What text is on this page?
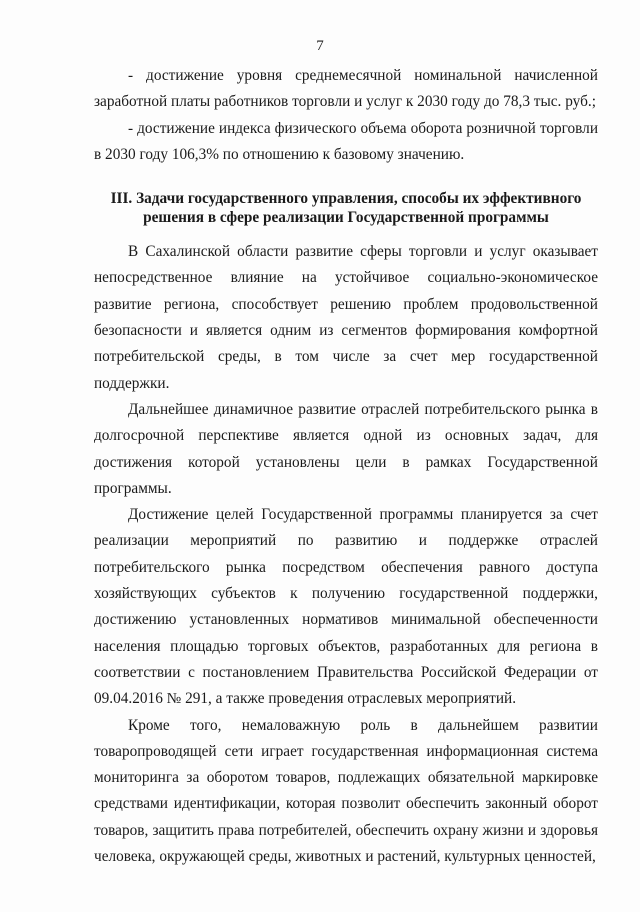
7

- достижение уровня среднемесячной номинальной начисленной заработной платы работников торговли и услуг к 2030 году до 78,3 тыс. руб.;

- достижение индекса физического объема оборота розничной торговли в 2030 году 106,3% по отношению к базовому значению.

III. Задачи государственного управления, способы их эффективного решения в сфере реализации Государственной программы

В Сахалинской области развитие сферы торговли и услуг оказывает непосредственное влияние на устойчивое социально-экономическое развитие региона, способствует решению проблем продовольственной безопасности и является одним из сегментов формирования комфортной потребительской среды, в том числе за счет мер государственной поддержки.

Дальнейшее динамичное развитие отраслей потребительского рынка в долгосрочной перспективе является одной из основных задач, для достижения которой установлены цели в рамках Государственной программы.

Достижение целей Государственной программы планируется за счет реализации мероприятий по развитию и поддержке отраслей потребительского рынка посредством обеспечения равного доступа хозяйствующих субъектов к получению государственной поддержки, достижению установленных нормативов минимальной обеспеченности населения площадью торговых объектов, разработанных для региона в соответствии с постановлением Правительства Российской Федерации от 09.04.2016 № 291, а также проведения отраслевых мероприятий.

Кроме того, немаловажную роль в дальнейшем развитии товаропроводящей сети играет государственная информационная система мониторинга за оборотом товаров, подлежащих обязательной маркировке средствами идентификации, которая позволит обеспечить законный оборот товаров, защитить права потребителей, обеспечить охрану жизни и здоровья человека, окружающей среды, животных и растений, культурных ценностей,
